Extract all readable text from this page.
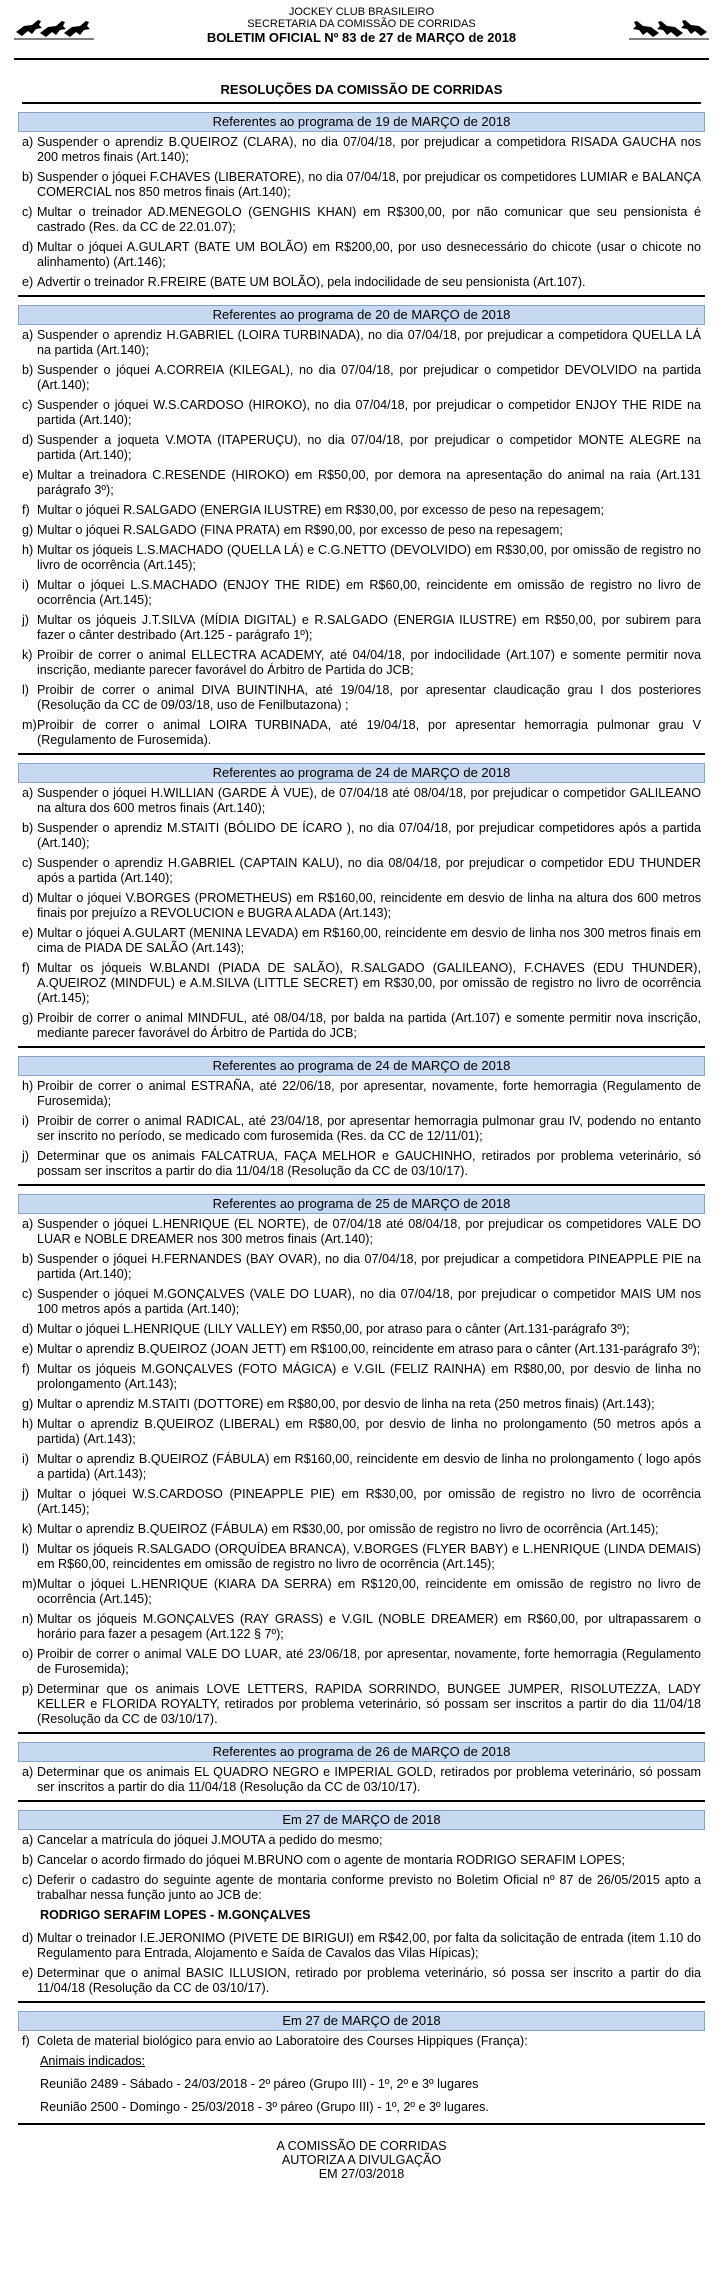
JOCKEY CLUB BRASILEIRO
SECRETARIA DA COMISSÃO DE CORRIDAS
BOLETIM OFICIAL Nº 83 de 27 de MARÇO de 2018
RESOLUÇÕES DA COMISSÃO DE CORRIDAS
Referentes ao programa de 19 de MARÇO de 2018
a) Suspender o aprendiz B.QUEIROZ (CLARA), no dia 07/04/18, por prejudicar a competidora RISADA GAUCHA nos 200 metros finais (Art.140);
b) Suspender o jóquei F.CHAVES (LIBERATORE), no dia 07/04/18, por prejudicar os competidores LUMIAR e BALANÇA COMERCIAL nos 850 metros finais (Art.140);
c) Multar o treinador AD.MENEGOLO (GENGHIS KHAN) em R$300,00, por não comunicar que seu pensionista é castrado (Res. da CC de 22.01.07);
d) Multar o jóquei A.GULART (BATE UM BOLÃO) em R$200,00, por uso desnecessário do chicote (usar o chicote no alinhamento) (Art.146);
e) Advertir o treinador R.FREIRE (BATE UM BOLÃO), pela indocilidade de seu pensionista (Art.107).
Referentes ao programa de 20 de MARÇO de 2018
a) Suspender o aprendiz H.GABRIEL (LOIRA TURBINADA), no dia 07/04/18, por prejudicar a competidora QUELLA LÁ na partida (Art.140);
b) Suspender o jóquei A.CORREIA (KILEGAL), no dia 07/04/18, por prejudicar o competidor DEVOLVIDO na partida (Art.140);
c) Suspender o jóquei W.S.CARDOSO (HIROKO), no dia 07/04/18, por prejudicar o competidor ENJOY THE RIDE na partida (Art.140);
d) Suspender a joqueta V.MOTA (ITAPERUÇU), no dia 07/04/18, por prejudicar o competidor MONTE ALEGRE na partida (Art.140);
e) Multar a treinadora C.RESENDE (HIROKO) em R$50,00, por demora na apresentação do animal na raia (Art.131 parágrafo 3º);
f) Multar o jóquei R.SALGADO (ENERGIA ILUSTRE) em R$30,00, por excesso de peso na repesagem;
g) Multar o jóquei R.SALGADO (FINA PRATA) em R$90,00, por excesso de peso na repesagem;
h) Multar os jóqueis L.S.MACHADO (QUELLA LÁ) e C.G.NETTO (DEVOLVIDO) em R$30,00, por omissão de registro no livro de ocorrência (Art.145);
i) Multar o jóquei L.S.MACHADO (ENJOY THE RIDE) em R$60,00, reincidente em omissão de registro no livro de ocorrência (Art.145);
j) Multar os jóqueis J.T.SILVA (MÍDIA DIGITAL) e R.SALGADO (ENERGIA ILUSTRE) em R$50,00, por subirem para fazer o cânter destribado (Art.125 - parágrafo 1º);
k) Proibir de correr o animal ELLECTRA ACADEMY, até 04/04/18, por indocilidade (Art.107) e somente permitir nova inscrição, mediante parecer favorável do Árbitro de Partida do JCB;
l) Proibir de correr o animal DIVA BUINTINHA, até 19/04/18, por apresentar claudicação grau I dos posteriores (Resolução da CC de 09/03/18, uso de Fenilbutazona) ;
m) Proibir de correr o animal LOIRA TURBINADA, até 19/04/18, por apresentar hemorragia pulmonar grau V (Regulamento de Furosemida).
Referentes ao programa de 24 de MARÇO de 2018
a) Suspender o jóquei H.WILLIAN (GARDE À VUE), de 07/04/18 até 08/04/18, por prejudicar o competidor GALILEANO na altura dos 600 metros finais (Art.140);
b) Suspender o aprendiz M.STAITI (BÓLIDO DE ÍCARO ), no dia 07/04/18, por prejudicar competidores após a partida (Art.140);
c) Suspender o aprendiz H.GABRIEL (CAPTAIN KALU), no dia 08/04/18, por prejudicar o competidor EDU THUNDER após a partida (Art.140);
d) Multar o jóquei V.BORGES (PROMETHEUS) em R$160,00, reincidente em desvio de linha na altura dos 600 metros finais por prejuízo a REVOLUCION e BUGRA ALADA (Art.143);
e) Multar o jóquei A.GULART (MENINA LEVADA) em R$160,00, reincidente em desvio de linha nos 300 metros finais em cima de PIADA DE SALÃO (Art.143);
f) Multar os jóqueis W.BLANDI (PIADA DE SALÃO), R.SALGADO (GALILEANO), F.CHAVES (EDU THUNDER), A.QUEIROZ (MINDFUL) e A.M.SILVA (LITTLE SECRET) em R$30,00, por omissão de registro no livro de ocorrência (Art.145);
g) Proibir de correr o animal MINDFUL, até 08/04/18, por balda na partida (Art.107) e somente permitir nova inscrição, mediante parecer favorável do Árbitro de Partida do JCB;
Referentes ao programa de 24 de MARÇO de 2018
h) Proibir de correr o animal ESTRAÑA, até 22/06/18, por apresentar, novamente, forte hemorragia (Regulamento de Furosemida);
i) Proibir de correr o animal RADICAL, até 23/04/18, por apresentar hemorragia pulmonar grau IV, podendo no entanto ser inscrito no período, se medicado com furosemida (Res. da CC de 12/11/01);
j) Determinar que os animais FALCATRUA, FAÇA MELHOR e GAUCHINHO, retirados por problema veterinário, só possam ser inscritos a partir do dia 11/04/18 (Resolução da CC de 03/10/17).
Referentes ao programa de 25 de MARÇO de 2018
a) Suspender o jóquei L.HENRIQUE (EL NORTE), de 07/04/18 até 08/04/18, por prejudicar os competidores VALE DO LUAR e NOBLE DREAMER nos 300 metros finais (Art.140);
b) Suspender o jóquei H.FERNANDES (BAY OVAR), no dia 07/04/18, por prejudicar a competidora PINEAPPLE PIE na partida (Art.140);
c) Suspender o jóquei M.GONÇALVES (VALE DO LUAR), no dia 07/04/18, por prejudicar o competidor MAIS UM nos 100 metros após a partida (Art.140);
d) Multar o jóquei L.HENRIQUE (LILY VALLEY) em R$50,00, por atraso para o cânter (Art.131-parágrafo 3º);
e) Multar o aprendiz B.QUEIROZ (JOAN JETT) em R$100,00, reincidente em atraso para o cânter (Art.131-parágrafo 3º);
f) Multar os jóqueis M.GONÇALVES (FOTO MÁGICA) e V.GIL (FELIZ RAINHA) em R$80,00, por desvio de linha no prolongamento (Art.143);
g) Multar o aprendiz M.STAITI (DOTTORE) em R$80,00, por desvio de linha na reta (250 metros finais) (Art.143);
h) Multar o aprendiz B.QUEIROZ (LIBERAL) em R$80,00, por desvio de linha no prolongamento (50 metros após a partida) (Art.143);
i) Multar o aprendiz B.QUEIROZ (FÁBULA) em R$160,00, reincidente em desvio de linha no prolongamento ( logo após a partida) (Art.143);
j) Multar o jóquei W.S.CARDOSO (PINEAPPLE PIE) em R$30,00, por omissão de registro no livro de ocorrência (Art.145);
k) Multar o aprendiz B.QUEIROZ (FÁBULA) em R$30,00, por omissão de registro no livro de ocorrência (Art.145);
l) Multar os jóqueis R.SALGADO (ORQUÍDEA BRANCA), V.BORGES (FLYER BABY) e L.HENRIQUE (LINDA DEMAIS) em R$60,00, reincidentes em omissão de registro no livro de ocorrência (Art.145);
m) Multar o jóquei L.HENRIQUE (KIARA DA SERRA) em R$120,00, reincidente em omissão de registro no livro de ocorrência (Art.145);
n) Multar os jóqueis M.GONÇALVES (RAY GRASS) e V.GIL (NOBLE DREAMER) em R$60,00, por ultrapassarem o horário para fazer a pesagem (Art.122 § 7º);
o) Proibir de correr o animal VALE DO LUAR, até 23/06/18, por apresentar, novamente, forte hemorragia (Regulamento de Furosemida);
p) Determinar que os animais LOVE LETTERS, RAPIDA SORRINDO, BUNGEE JUMPER, RISOLUTEZZA, LADY KELLER e FLORIDA ROYALTY, retirados por problema veterinário, só possam ser inscritos a partir do dia 11/04/18 (Resolução da CC de 03/10/17).
Referentes ao programa de 26 de MARÇO de 2018
a) Determinar que os animais EL QUADRO NEGRO e IMPERIAL GOLD, retirados por problema veterinário, só possam ser inscritos a partir do dia 11/04/18 (Resolução da CC de 03/10/17).
Em 27 de MARÇO de 2018
a) Cancelar a matrícula do jóquei J.MOUTA a pedido do mesmo;
b) Cancelar o acordo firmado do jóquei M.BRUNO com o agente de montaria RODRIGO SERAFIM LOPES;
c) Deferir o cadastro do seguinte agente de montaria conforme previsto no Boletim Oficial nº 87 de 26/05/2015 apto a trabalhar nessa função junto ao JCB de:

RODRIGO SERAFIM LOPES - M.GONÇALVES

d) Multar o treinador I.E.JERONIMO (PIVETE DE BIRIGUI) em R$42,00, por falta da solicitação de entrada (item 1.10 do Regulamento para Entrada, Alojamento e Saída de Cavalos das Vilas Hípicas);
e) Determinar que o animal BASIC ILLUSION, retirado por problema veterinário, só possa ser inscrito a partir do dia 11/04/18 (Resolução da CC de 03/10/17).
Em 27 de MARÇO de 2018
f) Coleta de material biológico para envio ao Laboratoire des Courses Hippiques (França):

Animais indicados:

Reunião 2489 - Sábado - 24/03/2018 - 2º páreo (Grupo III) - 1º, 2º e 3º lugares

Reunião 2500 - Domingo - 25/03/2018 - 3º páreo (Grupo III) - 1º, 2º e 3º lugares.

A COMISSÃO DE CORRIDAS
AUTORIZA A DIVULGAÇÃO
EM 27/03/2018
